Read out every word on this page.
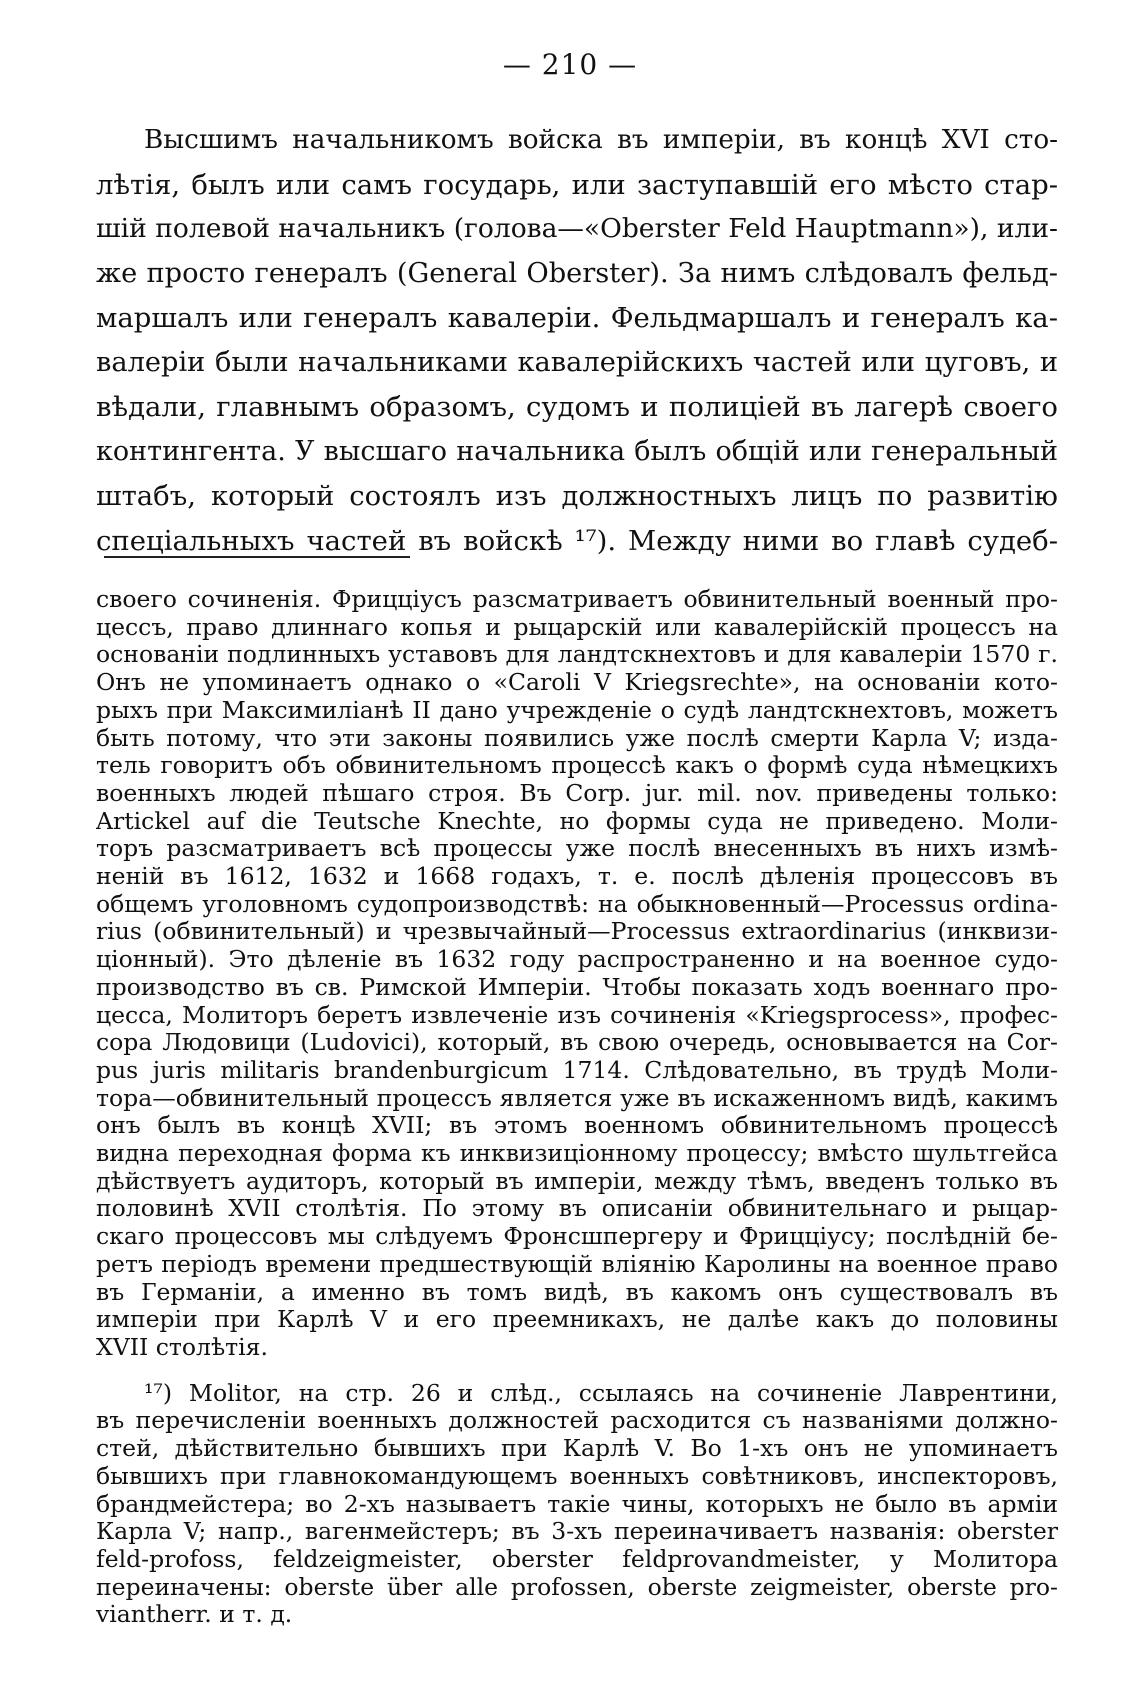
— 210 —
Высшимъ начальникомъ войска въ имперіи, въ концѣ XVI сто-
лѣтія, былъ или самъ государь, или заступавшій его мѣсто стар-
шій полевой начальникъ (голова—«Oberster Feld Hauptmann»), или-
же просто генералъ (General Oberster). За нимъ слѣдовалъ фельд-
маршалъ или генералъ кавалеріи. Фельдмаршалъ и генералъ ка-
валеріи были начальниками кавалерійскихъ частей или цуговъ, и
вѣдали, главнымъ образомъ, судомъ и полиціей въ лагерѣ своего
контингента. У высшаго начальника былъ общій или генеральный
штабъ, который состоялъ изъ должностныхъ лицъ по развитію
спеціальныхъ частей въ войскѣ ¹⁷). Между ними во главѣ судеб-
своего сочиненія. Фрицціусъ разсматриваетъ обвинительный военный про-
цессъ, право длиннаго копья и рыцарскій или кавалерійскій процессъ на
основаніи подлинныхъ уставовъ для ландтскнехтовъ и для кавалеріи 1570 г.
Онъ не упоминаетъ однако о «Caroli V Kriegsrechte», на основаніи кото-
рыхъ при Максимиліанѣ II дано учрежденіе о судѣ ландтскнехтовъ, можетъ
быть потому, что эти законы появились уже послѣ смерти Карла V; изда-
тель говоритъ объ обвинительномъ процессѣ какъ о формѣ суда нѣмецкихъ
военныхъ людей пѣшаго строя. Въ Corp. jur. mil. nov. приведены только:
Artickel auf die Teutsche Knechte, но формы суда не приведено. Моли-
торъ разсматриваетъ всѣ процессы уже послѣ внесенныхъ въ нихъ измѣ-
неній въ 1612, 1632 и 1668 годахъ, т. е. послѣ дѣленія процессовъ въ
общемъ уголовномъ судопроизводствѣ: на обыкновенный—Processus ordina-
rius (обвинительный) и чрезвычайный—Processus extraordinarius (инквизи-
ціонный). Это дѣленіе въ 1632 году распространенно и на военное судо-
производство въ св. Римской Имперіи. Чтобы показать ходъ военнаго про-
цесса, Молиторъ беретъ извлеченіе изъ сочиненія «Kriegsprocess», профес-
сора Людовици (Ludovici), который, въ свою очередь, основывается на Cor-
pus juris militaris brandenburgicum 1714. Слѣдовательно, въ трудѣ Моли-
тора—обвинительный процессъ является уже въ искаженномъ видѣ, какимъ
онъ былъ въ концѣ XVII; въ этомъ военномъ обвинительномъ процессѣ
видна переходная форма къ инквизиціонному процессу; вмѣсто шультгейса
дѣйствуетъ аудиторъ, который въ имперіи, между тѣмъ, введенъ только въ
половинѣ XVII столѣтія. По этому въ описаніи обвинительнаго и рыцар-
скаго процессовъ мы слѣдуемъ Фронсшпергеру и Фрицціусу; послѣдній бе-
ретъ періодъ времени предшествующій вліянію Каролины на военное право
въ Германіи, а именно въ томъ видѣ, въ какомъ онъ существовалъ въ
имперіи при Карлѣ V и его преемникахъ, не далѣе какъ до половины
XVII столѣтія.
¹⁷) Molitor, на стр. 26 и слѣд., ссылаясь на сочиненіе Лаврентини,
въ перечисленіи военныхъ должностей расходится съ названіями должно-
стей, дѣйствительно бывшихъ при Карлѣ V. Во 1-хъ онъ не упоминаетъ
бывшихъ при главнокомандующемъ военныхъ совѣтниковъ, инспекторовъ,
брандмейстера; во 2-хъ называетъ такіе чины, которыхъ не было въ арміи
Карла V; напр., вагенмейстеръ; въ 3-хъ переиначиваетъ названія: oberster
feld-profoss, feldzeigmeister, oberster feldprovandmeister, у Молитора
переиначены: oberste über alle profossen, oberste zeigmeister, oberste pro-
viantherr. и т. д.
